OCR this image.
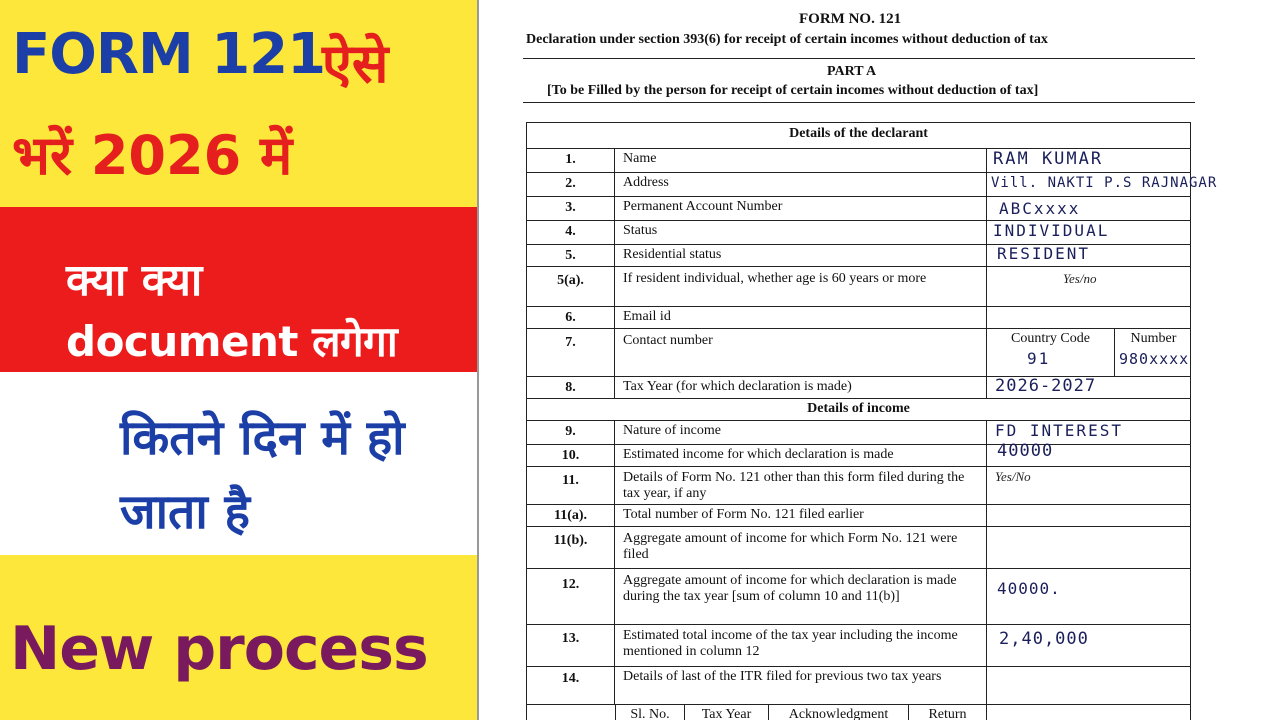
FORM 121
ऐसे
भरें 2026 में
क्या क्या
document लगेगा
कितने दिन में हो
जाता है
New process
FORM NO. 121
Declaration under section 393(6) for receipt of certain incomes without deduction of tax
PART A
[To be Filled by the person for receipt of certain incomes without deduction of tax]
Details of the declarant
1.	Name	RAM KUMAR
2.	Address	Vill. NAKTI P.S RAJNAGAR
3.	Permanent Account Number	ABCxxxx
4.	Status	INDIVIDUAL
5.	Residential status	RESIDENT
5(a).	If resident individual, whether age is 60 years or more	Yes/no
6.	Email id
7.	Contact number	Country Code	Number
91	980xxxx
8.	Tax Year (for which declaration is made)	2026-2027
Details of income
9.	Nature of income	FD INTEREST
10.	Estimated income for which declaration is made	40000
11.	Details of Form No. 121 other than this form filed during the tax year, if any
Yes/No
11(a).	Total number of Form No. 121 filed earlier
11(b).	Aggregate amount of income for which Form No. 121 were filed
12.	Aggregate amount of income for which declaration is made during the tax year [sum of column 10 and 11(b)]	40000.
13.	Estimated total income of the tax year including the income mentioned in column 12
2,40,000
14.	Details of last of the ITR filed for previous two tax years
Sl. No.	Tax Year	Acknowledgment	Return
